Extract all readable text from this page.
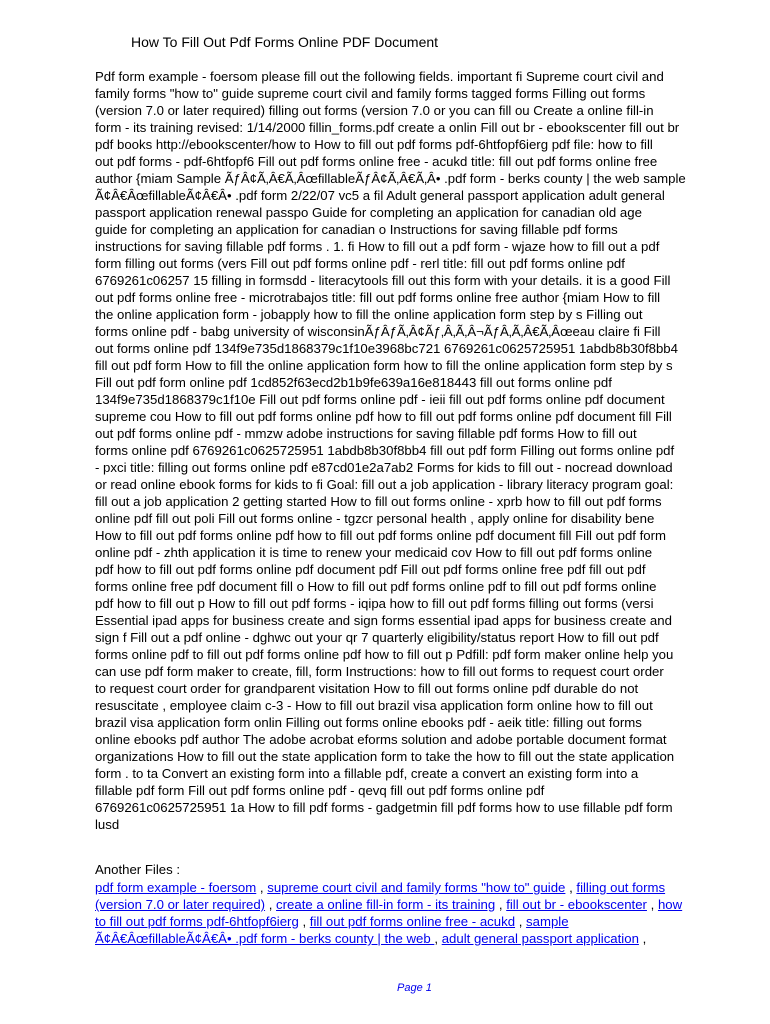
How To Fill Out Pdf Forms Online PDF Document
Pdf form example - foersom please fill out the following fields. important fi Supreme court civil and
family forms "how to" guide supreme court civil and family forms tagged forms Filling out forms
(version 7.0 or later required) filling out forms (version 7.0 or you can fill ou Create a online fill-in
form - its training revised: 1/14/2000 fillin_forms.pdf create a onlin Fill out br - ebookscenter fill out br
pdf books http://ebookscenter/how to How to fill out pdf forms pdf-6htfopf6ierg pdf file: how to fill
out pdf forms - pdf-6htfopf6 Fill out pdf forms online free - acukd title: fill out pdf forms online free
author {miam Sample ÃƒÂ¢Ã‚Â€Ã‚ÂœfillableÃƒÂ¢Ã‚Â€Ã‚Â• .pdf form - berks county | the web sample
Ã¢Â€ÂœfillableÃ¢Â€Â• .pdf form 2/22/07 vc5 a fil Adult general passport application adult general
passport application renewal passpo Guide for completing an application for canadian old age
guide for completing an application for canadian o Instructions for saving fillable pdf forms
instructions for saving fillable pdf forms . 1. fi How to fill out a pdf form - wjaze how to fill out a pdf
form filling out forms (vers Fill out pdf forms online pdf - rerl title: fill out pdf forms online pdf
6769261c06257 15 filling in formsdd - literacytools fill out this form with your details. it is a good Fill
out pdf forms online free - microtrabajos title: fill out pdf forms online free author {miam How to fill
the online application form - jobapply how to fill the online application form step by s Filling out
forms online pdf - babg university of wisconsinÃƒÂƒÃ‚Â¢Ãƒ‚Â‚Ã‚Â¬ÃƒÂ‚Ã‚Â€Ã‚Âœeau claire fi Fill
out forms online pdf 134f9e735d1868379c1f10e3968bc721 6769261c0625725951 1abdb8b30f8bb4
fill out pdf form How to fill the online application form how to fill the online application form step by s
Fill out pdf form online pdf 1cd852f63ecd2b1b9fe639a16e818443 fill out forms online pdf
134f9e735d1868379c1f10e Fill out pdf forms online pdf - ieii fill out pdf forms online pdf document
supreme cou How to fill out pdf forms online pdf how to fill out pdf forms online pdf document fill Fill
out pdf forms online pdf - mmzw adobe instructions for saving fillable pdf forms How to fill out
forms online pdf 6769261c0625725951 1abdb8b30f8bb4 fill out pdf form Filling out forms online pdf
- pxci title: filling out forms online pdf e87cd01e2a7ab2 Forms for kids to fill out - nocread download
or read online ebook forms for kids to fi Goal: fill out a job application - library literacy program goal:
fill out a job application 2 getting started How to fill out forms online - xprb how to fill out pdf forms
online pdf fill out poli Fill out forms online - tgzcr personal health , apply online for disability bene
How to fill out pdf forms online pdf how to fill out pdf forms online pdf document fill Fill out pdf form
online pdf - zhth application it is time to renew your medicaid cov How to fill out pdf forms online
pdf how to fill out pdf forms online pdf document pdf Fill out pdf forms online free pdf fill out pdf
forms online free pdf document fill o How to fill out pdf forms online pdf to fill out pdf forms online
pdf how to fill out p How to fill out pdf forms - iqipa how to fill out pdf forms filling out forms (versi
Essential ipad apps for business create and sign forms essential ipad apps for business create and
sign f Fill out a pdf online - dghwc out your qr 7 quarterly eligibility/status report How to fill out pdf
forms online pdf to fill out pdf forms online pdf how to fill out p Pdfill: pdf form maker online help you
can use pdf form maker to create, fill, form Instructions: how to fill out forms to request court order
to request court order for grandparent visitation How to fill out forms online pdf durable do not
resuscitate , employee claim c-3 - How to fill out brazil visa application form online how to fill out
brazil visa application form onlin Filling out forms online ebooks pdf - aeik title: filling out forms
online ebooks pdf author The adobe acrobat eforms solution and adobe portable document format
organizations How to fill out the state application form to take the how to fill out the state application
form . to ta Convert an existing form into a fillable pdf, create a convert an existing form into a
fillable pdf form Fill out pdf forms online pdf - qevq fill out pdf forms online pdf
6769261c0625725951 1a How to fill pdf forms - gadgetmin fill pdf forms how to use fillable pdf form
lusd
Another Files :
pdf form example - foersom , supreme court civil and family forms "how to" guide , filling out forms
(version 7.0 or later required) , create a online fill-in form - its training , fill out br - ebookscenter , how
to fill out pdf forms pdf-6htfopf6ierg , fill out pdf forms online free - acukd , sample
Ã¢Â€ÂœfillableÃ¢Â€Â• .pdf form - berks county | the web , adult general passport application ,
Page 1
